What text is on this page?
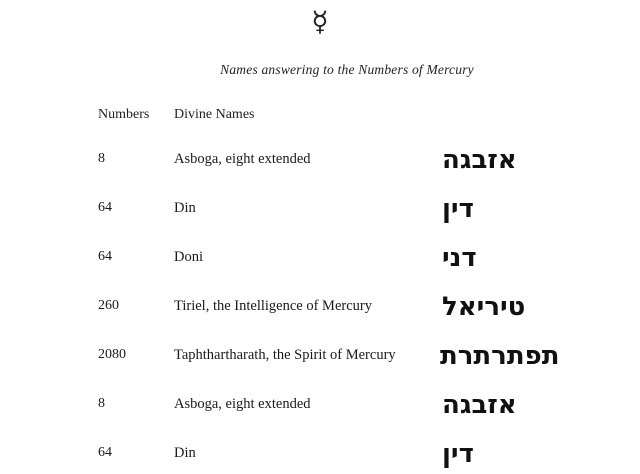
☿
Names answering to the Numbers of Mercury
Numbers Divine Names
8	Asboga, eight extended	אזבגה
64	Din	דין
64	Doni	דני
260	Tiriel, the Intelligence of Mercury	טיריאל
2080	Taphthartharath, the Spirit of Mercury תפתרתרת
8	Asboga, eight extended	אזבגה
64	Din	דין
